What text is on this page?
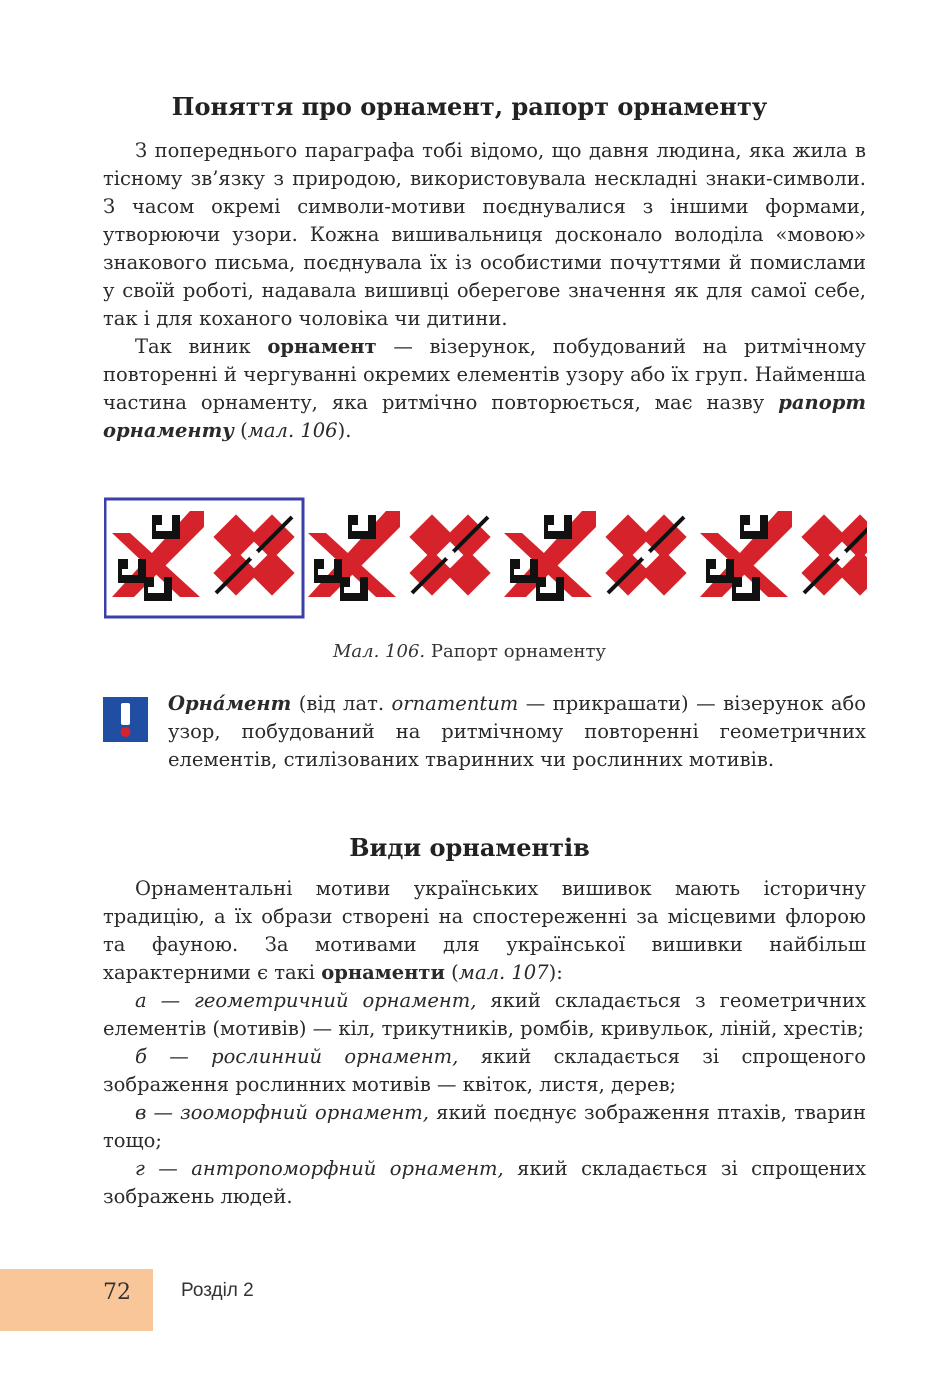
Поняття про орнамент, рапорт орнаменту

З попереднього параграфа тобі відомо, що давня людина, яка жила в тісному зв’язку з природою, використовувала нескладні знаки-символи. З часом окремі символи-мотиви поєднувалися з іншими формами, утворюючи узори. Кожна вишивальниця досконало володіла «мовою» знакового письма, поєднувала їх із особистими почуттями й помислами у своїй роботі, надавала вишивці оберегове значення як для самої себе, так і для коханого чоловіка чи дитини.

Так виник орнамент — візерунок, побудований на ритмічному повторенні й чергуванні окремих елементів узору або їх груп. Найменша частина орнаменту, яка ритмічно повторюється, має назву рапорт орнаменту (мал. 106).

Мал. 106. Рапорт орнаменту
Орна́мент (від лат. ornamentum — прикрашати) — візерунок або узор, побудований на ритмічному повторенні геометричних елементів, стилізованих тваринних чи рослинних мотивів.
Види орнаментів

Орнаментальні мотиви українських вишивок мають історичну традицію, а їх образи створені на спостереженні за місцевими флорою та фауною. За мотивами для української вишивки найбільш характерними є такі орнаменти (мал. 107):

а — геометричний орнамент, який складається з геометричних елементів (мотивів) — кіл, трикутників, ромбів, кривульок, ліній, хрестів;

б — рослинний орнамент, який складається зі спрощеного зображення рослинних мотивів — квіток, листя, дерев;

в — зооморфний орнамент, який поєднує зображення птахів, тварин тощо;

г — антропоморфний орнамент, який складається зі спрощених зображень людей.

72	Розділ 2
